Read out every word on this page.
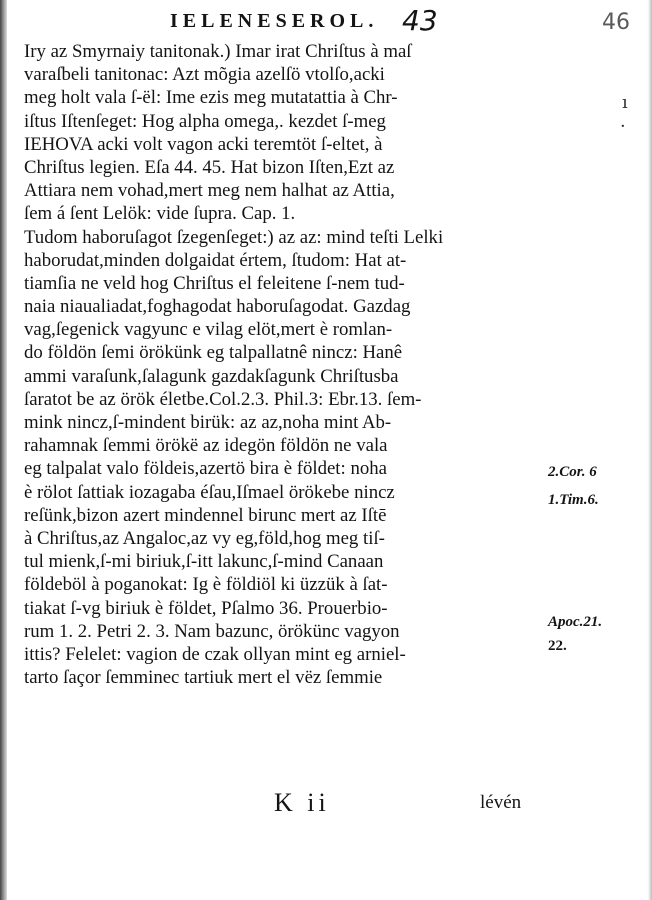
IELENESEROL. 43	46
Iry az Smyrnaiy tanitonak.) Imar irat Chriſtus à maſ
varaſbeli tanitonac: Azt mõgia azelſö vtolſo,acki
meg holt vala ſ-ël: Ime ezis meg mutatattia à Chr-
iſtus Iſtenſeget: Hog alpha omega,. kezdet ſ-meg
IEHOVA acki volt vagon acki teremtöt ſ-eltet, à
Chriſtus legien. Eſa 44. 45. Hat bizon Iſten,Ezt az
Attiara nem vohad,mert meg nem halhat az Attia,
ſem á ſent Lelök: vide ſupra. Cap. 1.
Tudom haboruſagot ſzegenſeget:) az az: mind teſti Lelki
haborudat,minden dolgaidat értem, ſtudom: Hat at-
tiamſia ne veld hog Chriſtus el feleitene ſ-nem tud-
naia niaualiadat,foghagodat haboruſagodat. Gazdag
vag,ſegenick vagyunc e vilag elöt,mert è romlan-
do földön ſemi örökünk eg talpallatnê nincz: Hanê
ammi varaſunk,ſalagunk gazdakſagunk Chriſtusba
ſaratot be az örök életbe.Col.2.3. Phil.3: Ebr.13. ſem-
mink nincz,ſ-mindent birük: az az,noha mint Ab-
rahamnak ſemmi örökë az idegön földön ne vala
eg talpalat valo földeis,azertö bira è földet: noha
è rölot ſattiak iozagaba éſau,Iſmael örökebe nincz
reſünk,bizon azert mindennel birunc mert az Iſtē
à Chriſtus,az Angaloc,az vy eg,föld,hog meg tiſ-
tul mienk,ſ-mi biriuk,ſ-itt lakunc,ſ-mind Canaan
földeböl à poganokat: Ig è földiöl ki üzzük à ſat-
tiakat ſ-vg biriuk è földet, Pſalmo 36. Prouerbio-
rum 1. 2. Petri 2. 3. Nam bazunc, örökünc vagyon
ittis? Felelet: vagion de czak ollyan mint eg arniel-
tarto ſaçor ſemminec tartiuk mert el vëz ſemmie
ı
·
2.Cor. 6
1.Tim.6.
Apoc.21.
22.
K ii	lévén
